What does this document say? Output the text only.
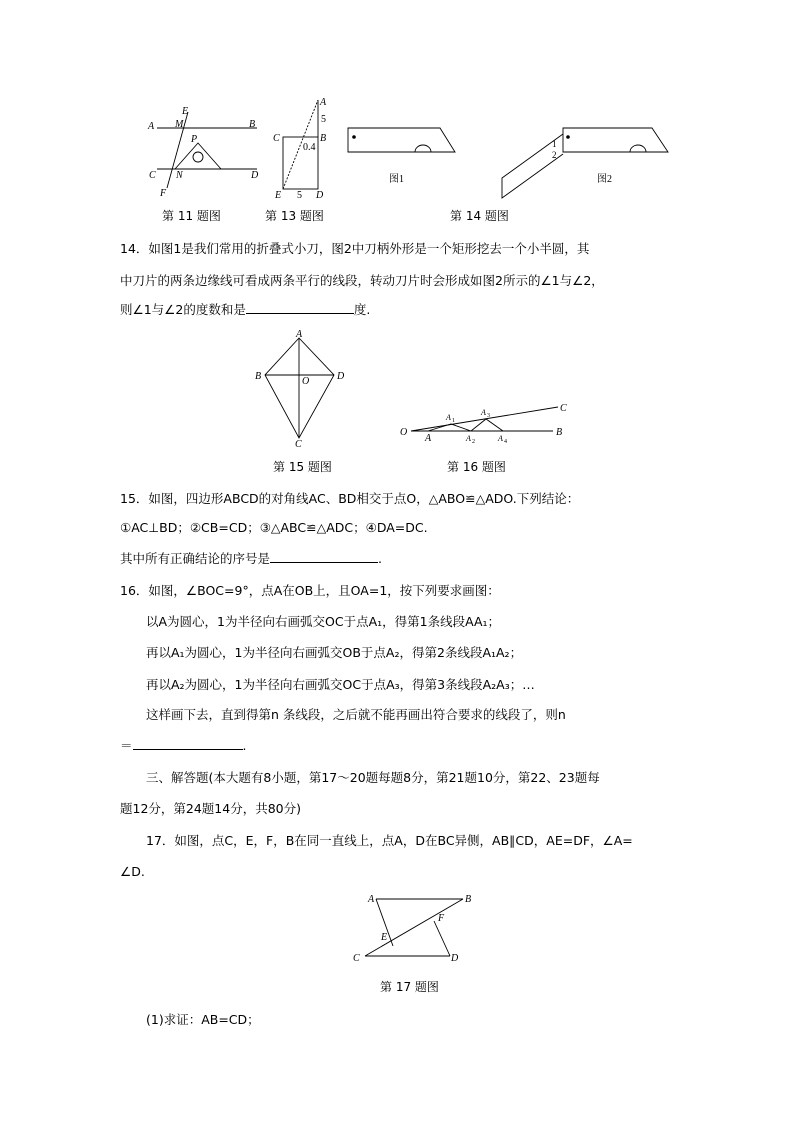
A M
E
B
P
C N	D
F
第 11 题图
A
5
C	B
0.4
E 5 D
第 13 题图
图1
1
2
图2
第 14 题图
14．如图1是我们常用的折叠式小刀，图2中刀柄外形是一个矩形挖去一个小半圆，其
中刀片的两条边缘线可看成两条平行的线段，转动刀片时会形成如图2所示的∠1与∠2，
则∠1与∠2的度数和是	度.
A
B	O	D
C
第 15 题图
O
A
A 1
A 2
A 3
A 4
B
C
第 16 题图
15．如图，四边形ABCD的对角线AC、BD相交于点O，△ABO≌△ADO.下列结论：
①AC⊥BD；②CB=CD；③△ABC≌△ADC；④DA=DC.
其中所有正确结论的序号是	.
16．如图，∠BOC=9°，点A在OB上，且OA=1，按下列要求画图：
以A为圆心，1为半径向右画弧交OC于点A₁，得第1条线段AA₁；
再以A₁为圆心，1为半径向右画弧交OB于点A₂，得第2条线段A₁A₂；
再以A₂为圆心，1为半径向右画弧交OC于点A₃，得第3条线段A₂A₃；…
这样画下去，直到得第n 条线段，之后就不能再画出符合要求的线段了，则n
＝	.
三、解答题(本大题有8小题，第17～20题每题8分，第21题10分，第22、23题每
题12分，第24题14分，共80分)
17．如图，点C，E，F，B在同一直线上，点A，D在BC异侧，AB∥CD，AE=DF，∠A=
∠D.
A	B
E
F
C	D
第 17 题图
(1)求证：AB=CD；
